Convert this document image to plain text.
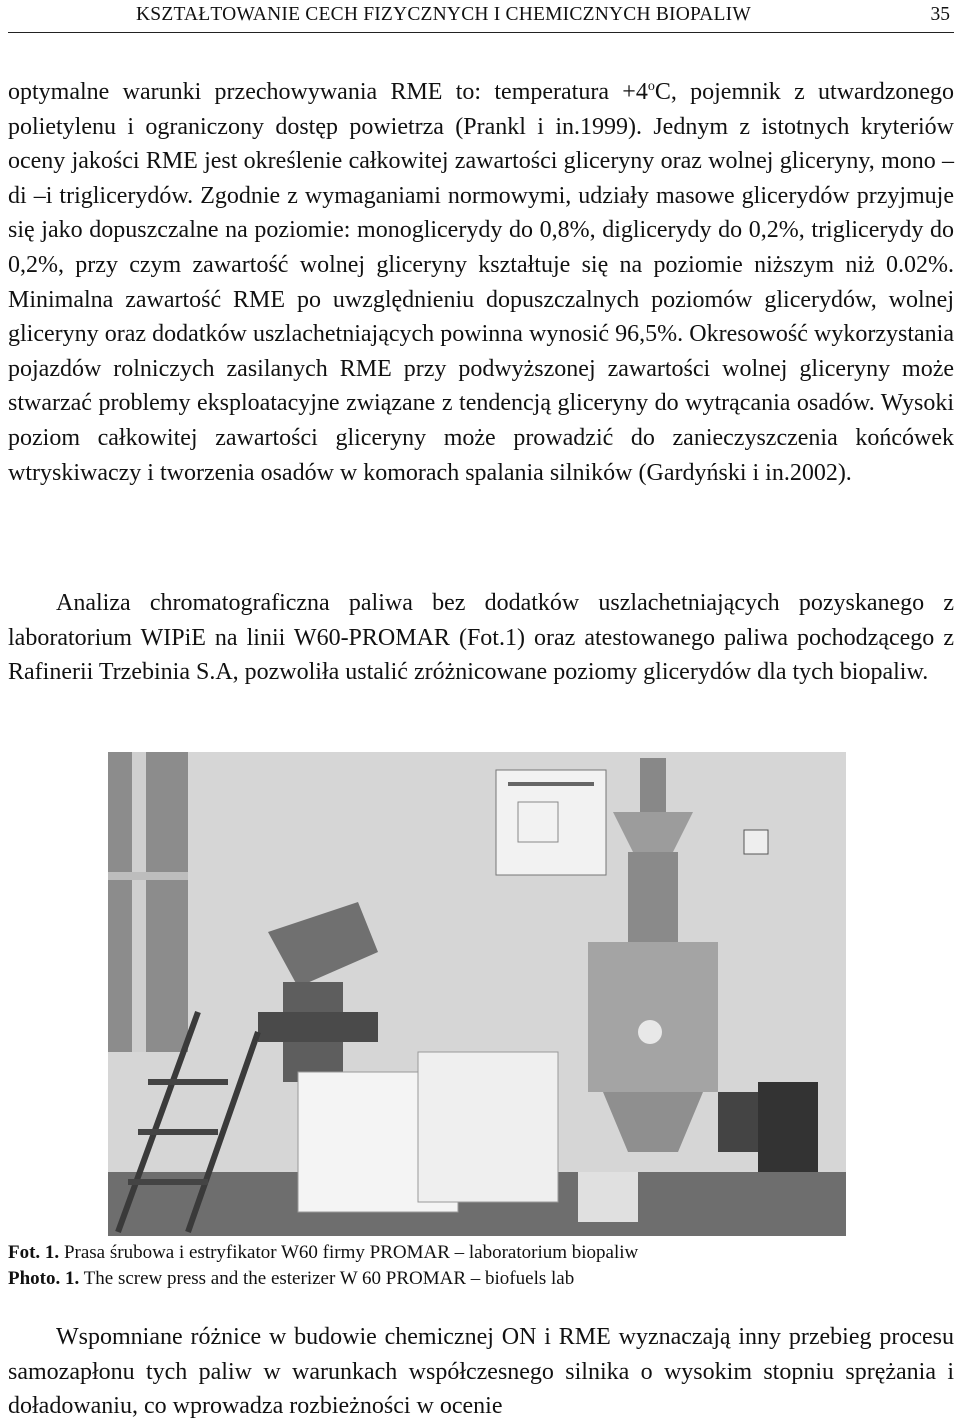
KSZTAŁTOWANIE CECH FIZYCZNYCH I CHEMICZNYCH BIOPALIW	35

optymalne warunki przechowywania RME to: temperatura $+4^oC$, pojemnik z utwardzonego polietylenu i ograniczony dostęp powietrza (Prankl i in.1999). Jednym z istotnych kryteriów oceny jakości RME jest określenie całkowitej zawartości gliceryny oraz wolnej gliceryny, mono –di –i triglicerydów. Zgodnie z wymaganiami normowymi, udziały masowe glicerydów przyjmuje się jako dopuszczalne na poziomie: monoglicerydy do 0,8%, diglicerydy do 0,2%, triglicerydy do 0,2%, przy czym zawartość wolnej gliceryny kształtuje się na poziomie niższym niż 0.02%. Minimalna zawartość RME po uwzględnieniu dopuszczalnych poziomów glicerydów, wolnej gliceryny oraz dodatków uszlachetniających powinna wynosić 96,5%. Okresowość wykorzystania pojazdów rolniczych zasilanych RME przy podwyższonej zawartości wolnej gliceryny może stwarzać problemy eksploatacyjne związane z tendencją gliceryny do wytrącania osadów. Wysoki poziom całkowitej zawartości gliceryny może prowadzić do zanieczyszczenia końcówek wtryskiwaczy i tworzenia osadów w komorach spalania silników (Gardyński i in.2002).

Analiza chromatograficzna paliwa bez dodatków uszlachetniających pozyskanego z laboratorium WIPiE na linii W60-PROMAR (Fot.1) oraz atestowanego paliwa pochodzącego z Rafinerii Trzebinia S.A, pozwoliła ustalić zróżnicowane poziomy glicerydów dla tych biopaliw.

Fot. 1. Prasa śrubowa i estryfikator W60 firmy PROMAR – laboratorium biopaliw
Photo. 1. The screw press and the esterizer W 60 PROMAR – biofuels lab

Wspomniane różnice w budowie chemicznej ON i RME wyznaczają inny przebieg procesu samozapłonu tych paliw w warunkach współczesnego silnika o wysokim stopniu sprężania i doładowaniu, co wprowadza rozbieżności w ocenie
